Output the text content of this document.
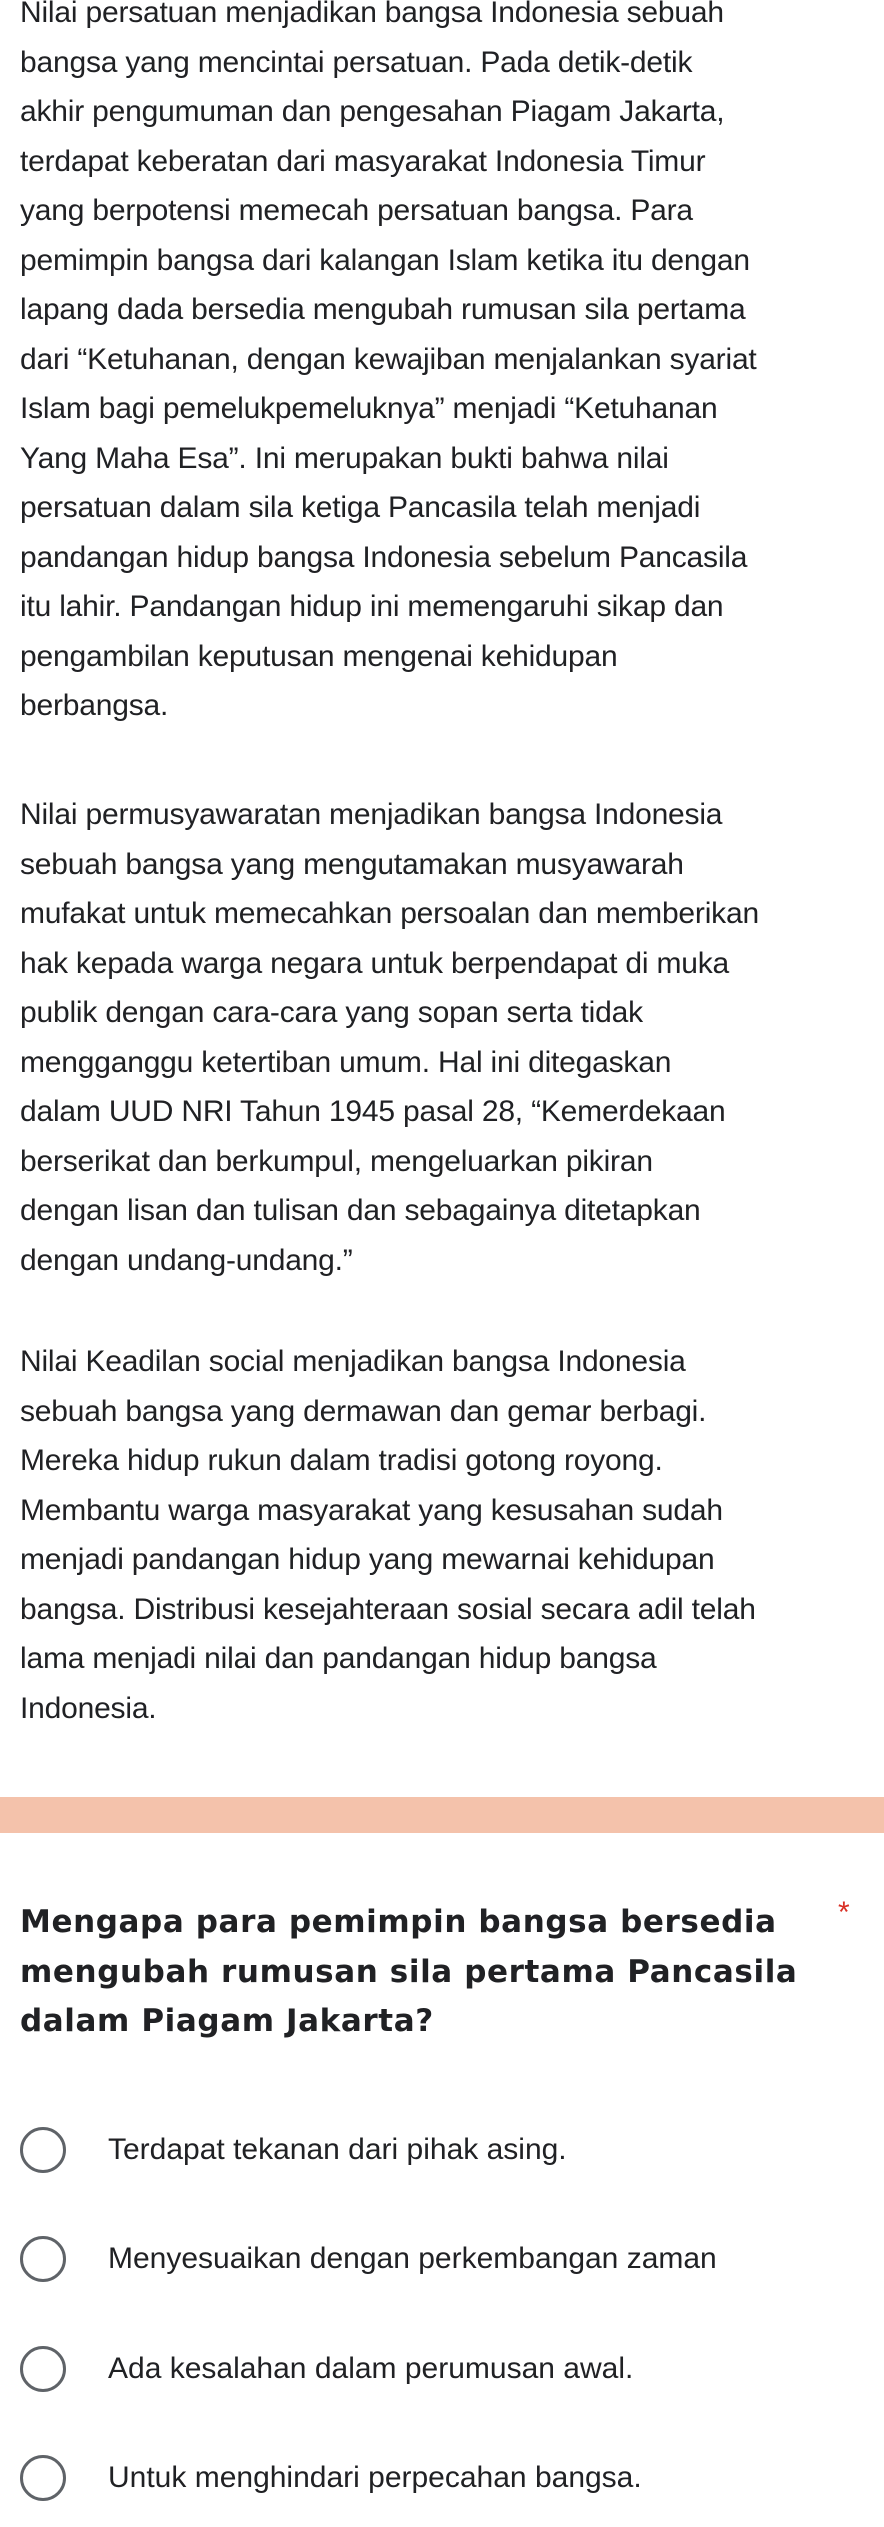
Nilai persatuan menjadikan bangsa Indonesia sebuah
bangsa yang mencintai persatuan. Pada detik-detik
akhir pengumuman dan pengesahan Piagam Jakarta,
terdapat keberatan dari masyarakat Indonesia Timur
yang berpotensi memecah persatuan bangsa. Para
pemimpin bangsa dari kalangan Islam ketika itu dengan
lapang dada bersedia mengubah rumusan sila pertama
dari “Ketuhanan, dengan kewajiban menjalankan syariat
Islam bagi pemelukpemeluknya” menjadi “Ketuhanan
Yang Maha Esa”. Ini merupakan bukti bahwa nilai
persatuan dalam sila ketiga Pancasila telah menjadi
pandangan hidup bangsa Indonesia sebelum Pancasila
itu lahir. Pandangan hidup ini memengaruhi sikap dan
pengambilan keputusan mengenai kehidupan
berbangsa.

Nilai permusyawaratan menjadikan bangsa Indonesia
sebuah bangsa yang mengutamakan musyawarah
mufakat untuk memecahkan persoalan dan memberikan
hak kepada warga negara untuk berpendapat di muka
publik dengan cara-cara yang sopan serta tidak
mengganggu ketertiban umum. Hal ini ditegaskan
dalam UUD NRI Tahun 1945 pasal 28, “Kemerdekaan
berserikat dan berkumpul, mengeluarkan pikiran
dengan lisan dan tulisan dan sebagainya ditetapkan
dengan undang-undang.”

Nilai Keadilan social menjadikan bangsa Indonesia
sebuah bangsa yang dermawan dan gemar berbagi.
Mereka hidup rukun dalam tradisi gotong royong.
Membantu warga masyarakat yang kesusahan sudah
menjadi pandangan hidup yang mewarnai kehidupan
bangsa. Distribusi kesejahteraan sosial secara adil telah
lama menjadi nilai dan pandangan hidup bangsa
Indonesia.

Mengapa para pemimpin bangsa bersedia
mengubah rumusan sila pertama Pancasila
dalam Piagam Jakarta?
*
Terdapat tekanan dari pihak asing.
Menyesuaikan dengan perkembangan zaman
Ada kesalahan dalam perumusan awal.
Untuk menghindari perpecahan bangsa.
